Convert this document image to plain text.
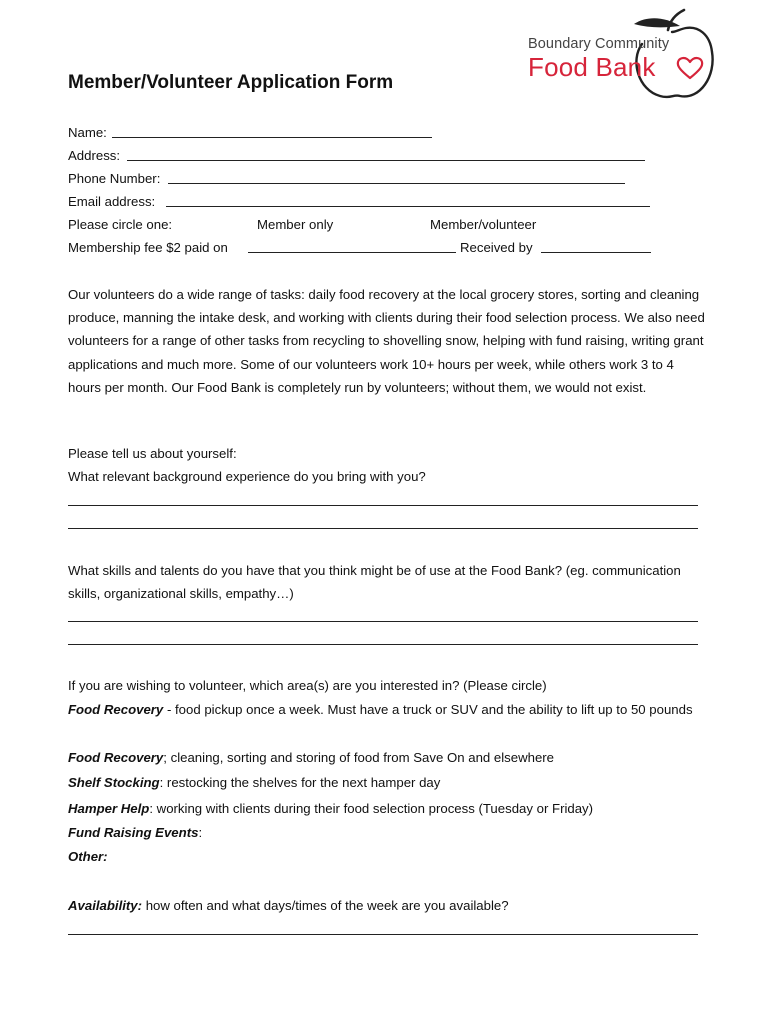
Boundary Community
Food Bank
Member/Volunteer Application Form
Name:
Address:
Phone Number:
Email address:
Please circle one:	Member only	Member/volunteer
Membership fee $2 paid on	Received by

Our volunteers do a wide range of tasks: daily food recovery at the local grocery stores, sorting and cleaning produce, manning the intake desk, and working with clients during their food selection process. We also need volunteers for a range of other tasks from recycling to shovelling snow, helping with fund raising, writing grant applications and much more. Some of our volunteers work 10+ hours per week, while others work 3 to 4 hours per month. Our Food Bank is completely run by volunteers; without them, we would not exist.

Please tell us about yourself:
What relevant background experience do you bring with you?

What skills and talents do you have that you think might be of use at the Food Bank? (eg. communication skills, organizational skills, empathy…)

If you are wishing to volunteer, which area(s) are you interested in? (Please circle)

Food Recovery - food pickup once a week. Must have a truck or SUV and the ability to lift up to 50 pounds

Food Recovery; cleaning, sorting and storing of food from Save On and elsewhere
Shelf Stocking: restocking the shelves for the next hamper day
Hamper Help: working with clients during their food selection process (Tuesday or Friday)
Fund Raising Events:
Other:
Availability: how often and what days/times of the week are you available?
